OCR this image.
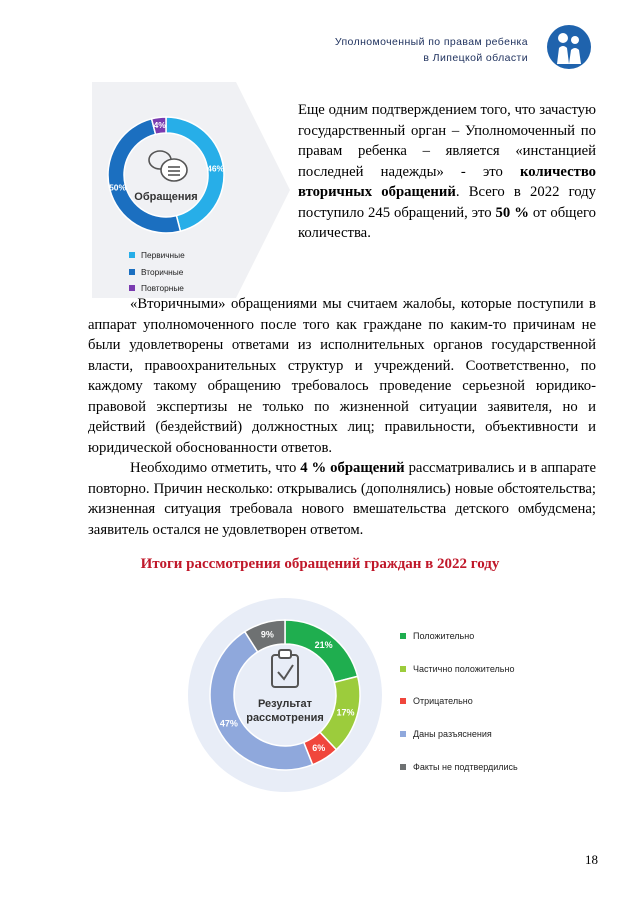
Уполномоченный по правам ребенка
в Липецкой области
46%
50%
4%
Обращения
Первичные
Вторичные
Повторные
Еще одним подтверждением того, что зачастую государственный орган – Уполномоченный по правам ребенка – является «инстанцией последней надежды» - это количество вторичных обращений. Всего в 2022 году поступило 245 обращений, это 50 % от общего количества.

«Вторичными» обращениями мы считаем жалобы, которые поступили в аппарат уполномоченного после того как граждане по каким-то причинам не были удовлетворены ответами из исполнительных органов государственной власти, правоохранительных структур и учреждений. Соответственно, по каждому такому обращению требовалось проведение серьезной юридико-правовой экспертизы не только по жизненной ситуации заявителя, но и действий (бездействий) должностных лиц; правильности, объективности и юридической обоснованности ответов.

Необходимо отметить, что 4 % обращений рассматривались и в аппарате повторно. Причин несколько: открывались (дополнялись) новые обстоятельства; жизненная ситуация требовала нового вмешательства детского омбудсмена; заявитель остался не удовлетворен ответом.

Итоги рассмотрения обращений граждан в 2022 году
21%
17%
6%
47%
9%
Результат
рассмотрения
Положительно
Частично положительно
Отрицательно
Даны разъяснения
Факты не подтвердились
18
